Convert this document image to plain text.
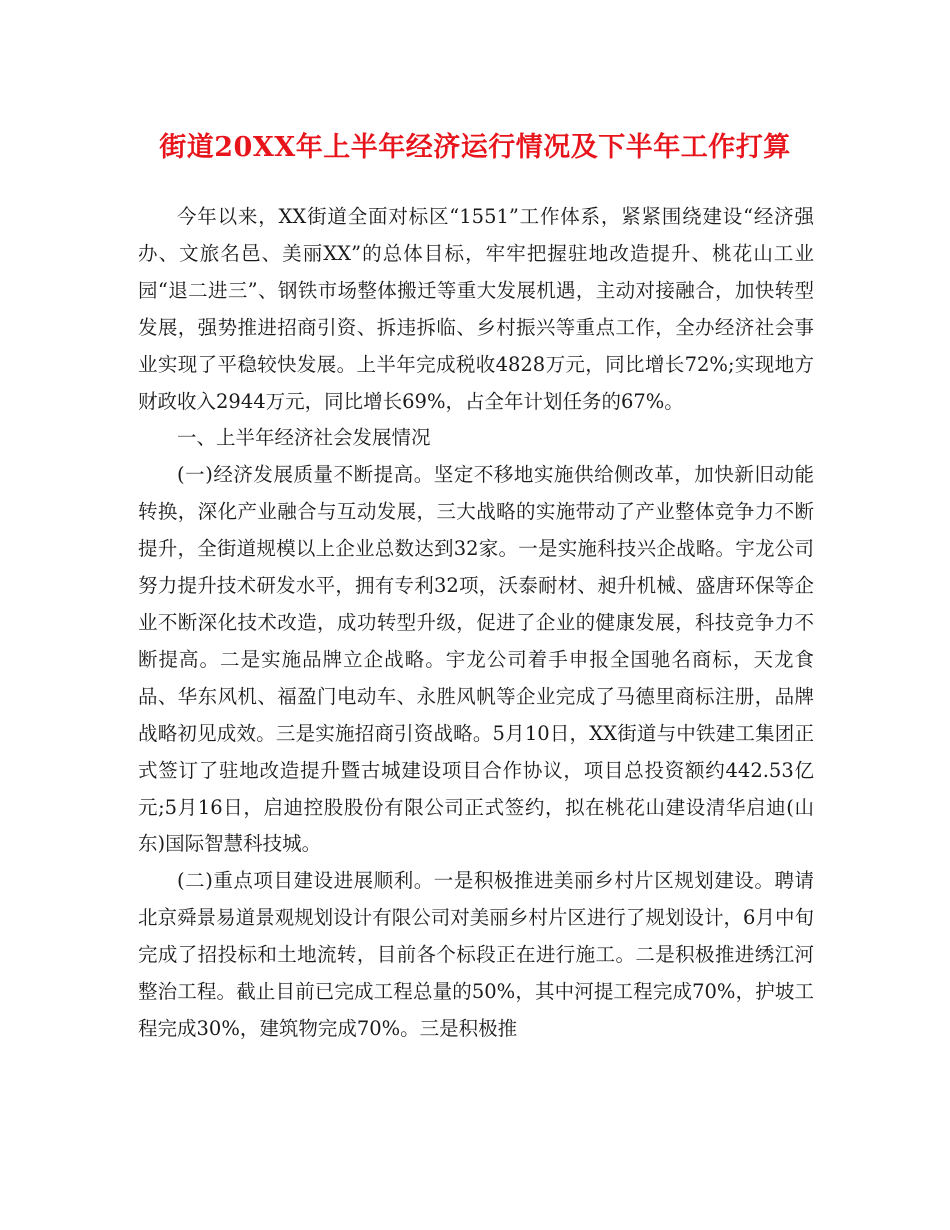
街道20XX年上半年经济运行情况及下半年工作打算

今年以来，XX街道全面对标区“1551”工作体系，紧紧围绕建设“经济强办、文旅名邑、美丽XX”的总体目标，牢牢把握驻地改造提升、桃花山工业园“退二进三”、钢铁市场整体搬迁等重大发展机遇，主动对接融合，加快转型发展，强势推进招商引资、拆违拆临、乡村振兴等重点工作，全办经济社会事业实现了平稳较快发展。上半年完成税收4828万元，同比增长72%;实现地方财政收入2944万元，同比增长69%，占全年计划任务的67%。

一、上半年经济社会发展情况

(一)经济发展质量不断提高。坚定不移地实施供给侧改革，加快新旧动能转换，深化产业融合与互动发展，三大战略的实施带动了产业整体竞争力不断提升，全街道规模以上企业总数达到32家。一是实施科技兴企战略。宇龙公司努力提升技术研发水平，拥有专利32项，沃泰耐材、昶升机械、盛唐环保等企业不断深化技术改造，成功转型升级，促进了企业的健康发展，科技竞争力不断提高。二是实施品牌立企战略。宇龙公司着手申报全国驰名商标，天龙食品、华东风机、福盈门电动车、永胜风帆等企业完成了马德里商标注册，品牌战略初见成效。三是实施招商引资战略。5月10日，XX街道与中铁建工集团正式签订了驻地改造提升暨古城建设项目合作协议，项目总投资额约442.53亿元;5月16日，启迪控股股份有限公司正式签约，拟在桃花山建设清华启迪(山东)国际智慧科技城。

(二)重点项目建设进展顺利。一是积极推进美丽乡村片区规划建设。聘请北京舜景易道景观规划设计有限公司对美丽乡村片区进行了规划设计，6月中旬完成了招投标和土地流转，目前各个标段正在进行施工。二是积极推进绣江河整治工程。截止目前已完成工程总量的50%，其中河提工程完成70%，护坡工程完成30%，建筑物完成70%。三是积极推
